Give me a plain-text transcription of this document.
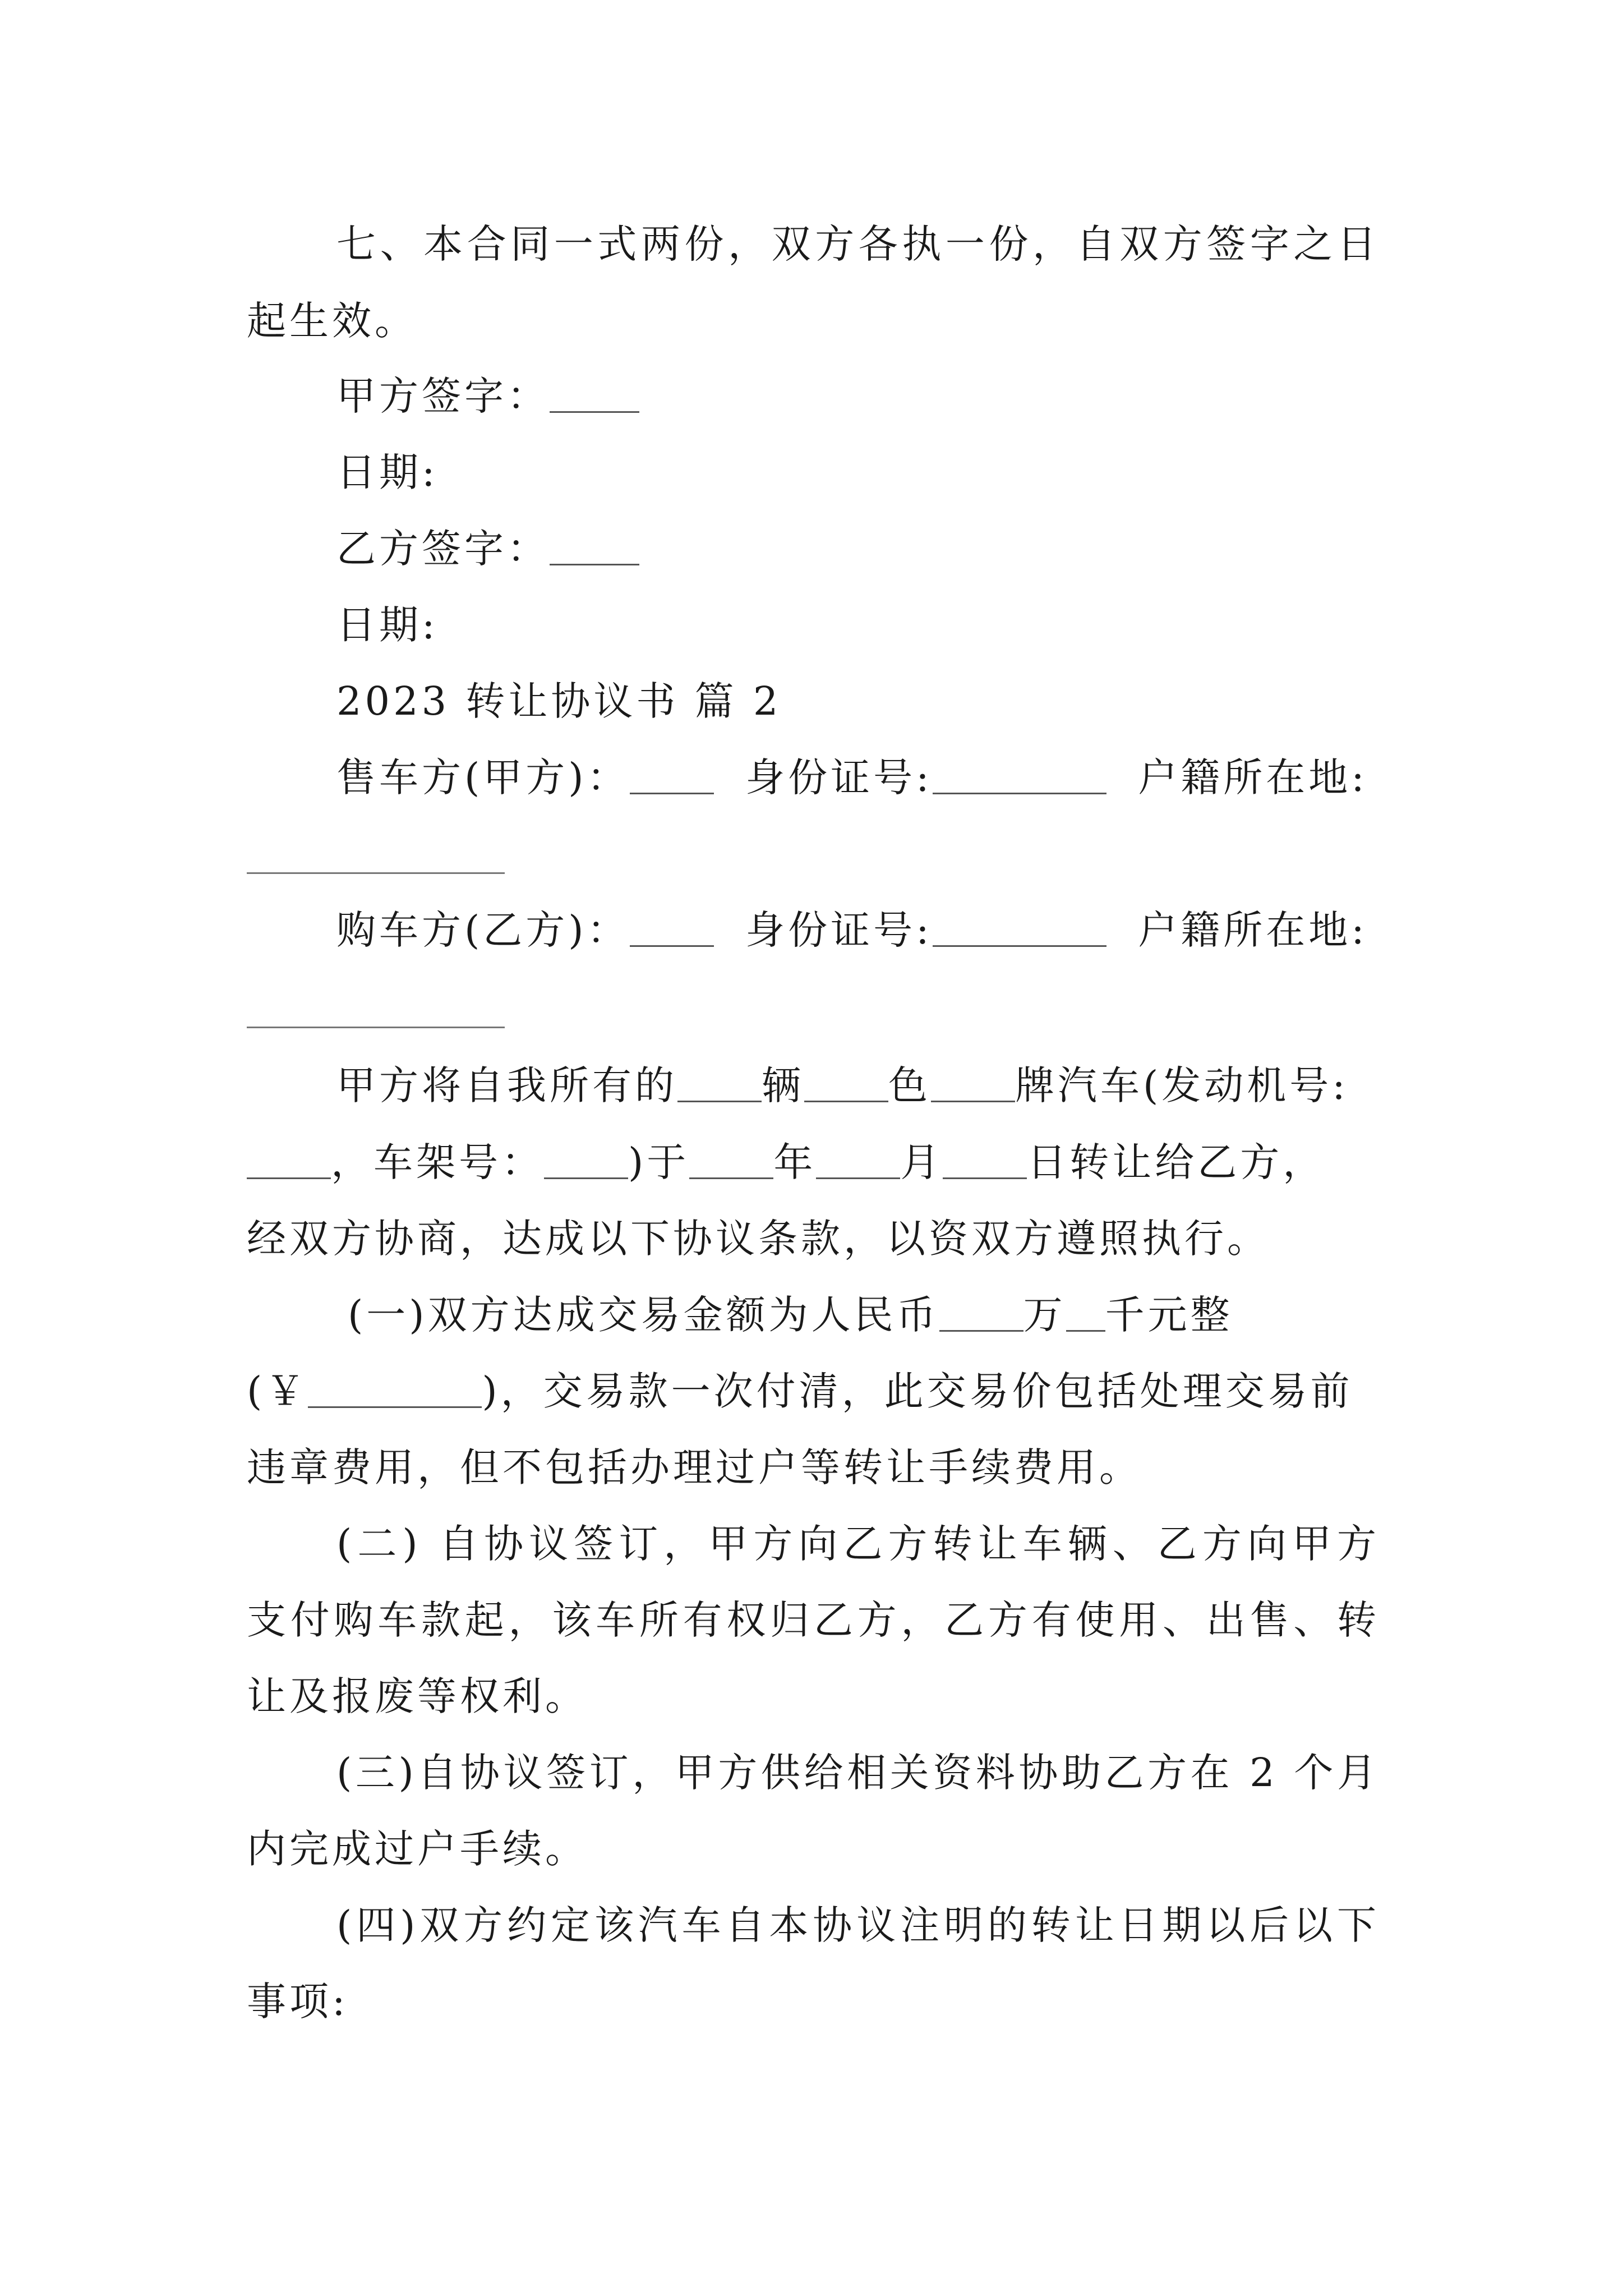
七、本合同一式两份，双方各执一份，自双方签字之日
起生效。
甲方签字：
日期:
乙方签字：
日期:
2023 转让协议书 篇 2
售车方(甲方)：	身份证号:	户籍所在地:
购车方(乙方)：	身份证号:	户籍所在地:
甲方将自我所有的 辆 色 牌汽车(发动机号:
，车架号： )于 年 月 日转让给乙方，
经双方协商，达成以下协议条款，以资双方遵照执行。
(一)双方达成交易金额为人民币 万 千元整
(￥	)，交易款一次付清，此交易价包括处理交易前
违章费用，但不包括办理过户等转让手续费用。
(二) 自协议签订，甲方向乙方转让车辆、乙方向甲方
支付购车款起，该车所有权归乙方，乙方有使用、出售、转
让及报废等权利。
(三)自协议签订，甲方供给相关资料协助乙方在 2 个月
内完成过户手续。
(四)双方约定该汽车自本协议注明的转让日期以后以下
事项:
